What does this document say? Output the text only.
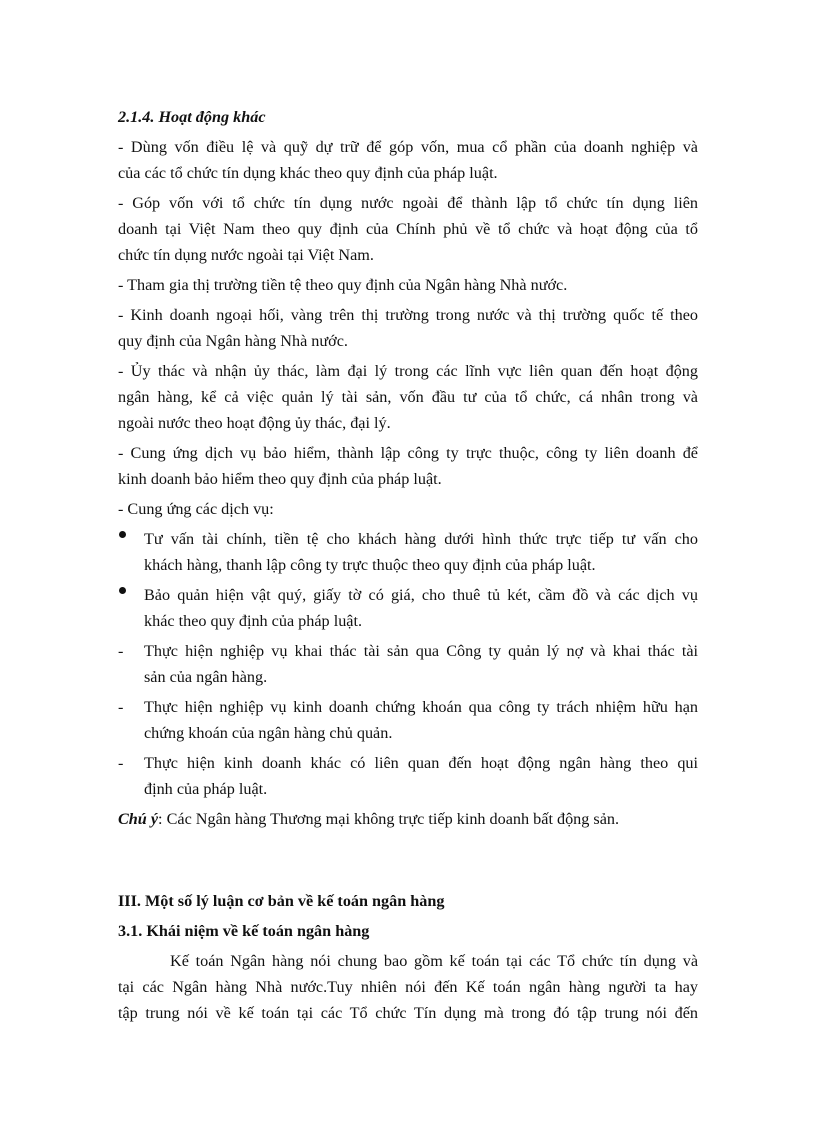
2.1.4. Hoạt động khác
- Dùng vốn điều lệ và quỹ dự trữ để góp vốn, mua cổ phần của doanh nghiệp và
của các tổ chức tín dụng khác theo quy định của pháp luật.
- Góp vốn với tổ chức tín dụng nước ngoài để thành lập tổ chức tín dụng liên
doanh tại Việt Nam theo quy định của Chính phủ về tổ chức và hoạt động của tổ
chức tín dụng nước ngoài tại Việt Nam.
- Tham gia thị trường tiền tệ theo quy định của Ngân hàng Nhà nước.
- Kinh doanh ngoại hối, vàng trên thị trường trong nước và thị trường quốc tế theo
quy định của Ngân hàng Nhà nước.
- Ủy thác và nhận ủy thác, làm đại lý trong các lĩnh vực liên quan đến hoạt động
ngân hàng, kể cả việc quản lý tài sản, vốn đầu tư của tổ chức, cá nhân trong và
ngoài nước theo hoạt động ủy thác, đại lý.
- Cung ứng dịch vụ bảo hiểm, thành lập công ty trực thuộc, công ty liên doanh để
kinh doanh bảo hiểm theo quy định của pháp luật.
- Cung ứng các dịch vụ:
Tư vấn tài chính, tiền tệ cho khách hàng dưới hình thức trực tiếp tư vấn cho
khách hàng, thanh lập công ty trực thuộc theo quy định của pháp luật.
Bảo quản hiện vật quý, giấy tờ có giá, cho thuê tủ két, cầm đồ và các dịch vụ
khác theo quy định của pháp luật.
-	Thực hiện nghiệp vụ khai thác tài sản qua Công ty quản lý nợ và khai thác tài
sản của ngân hàng.
-	Thực hiện nghiệp vụ kinh doanh chứng khoán qua công ty trách nhiệm hữu hạn
chứng khoán của ngân hàng chủ quản.
-	Thực hiện kinh doanh khác có liên quan đến hoạt động ngân hàng theo qui
định của pháp luật.
Chú ý: Các Ngân hàng Thương mại không trực tiếp kinh doanh bất động sản.
III. Một số lý luận cơ bản về kế toán ngân hàng
3.1. Khái niệm về kế toán ngân hàng
Kế toán Ngân hàng nói chung bao gồm kế toán tại các Tổ chức tín dụng và
tại các Ngân hàng Nhà nước.Tuy nhiên nói đến Kế toán ngân hàng người ta hay
tập trung nói về kế toán tại các Tổ chức Tín dụng mà trong đó tập trung nói đến
